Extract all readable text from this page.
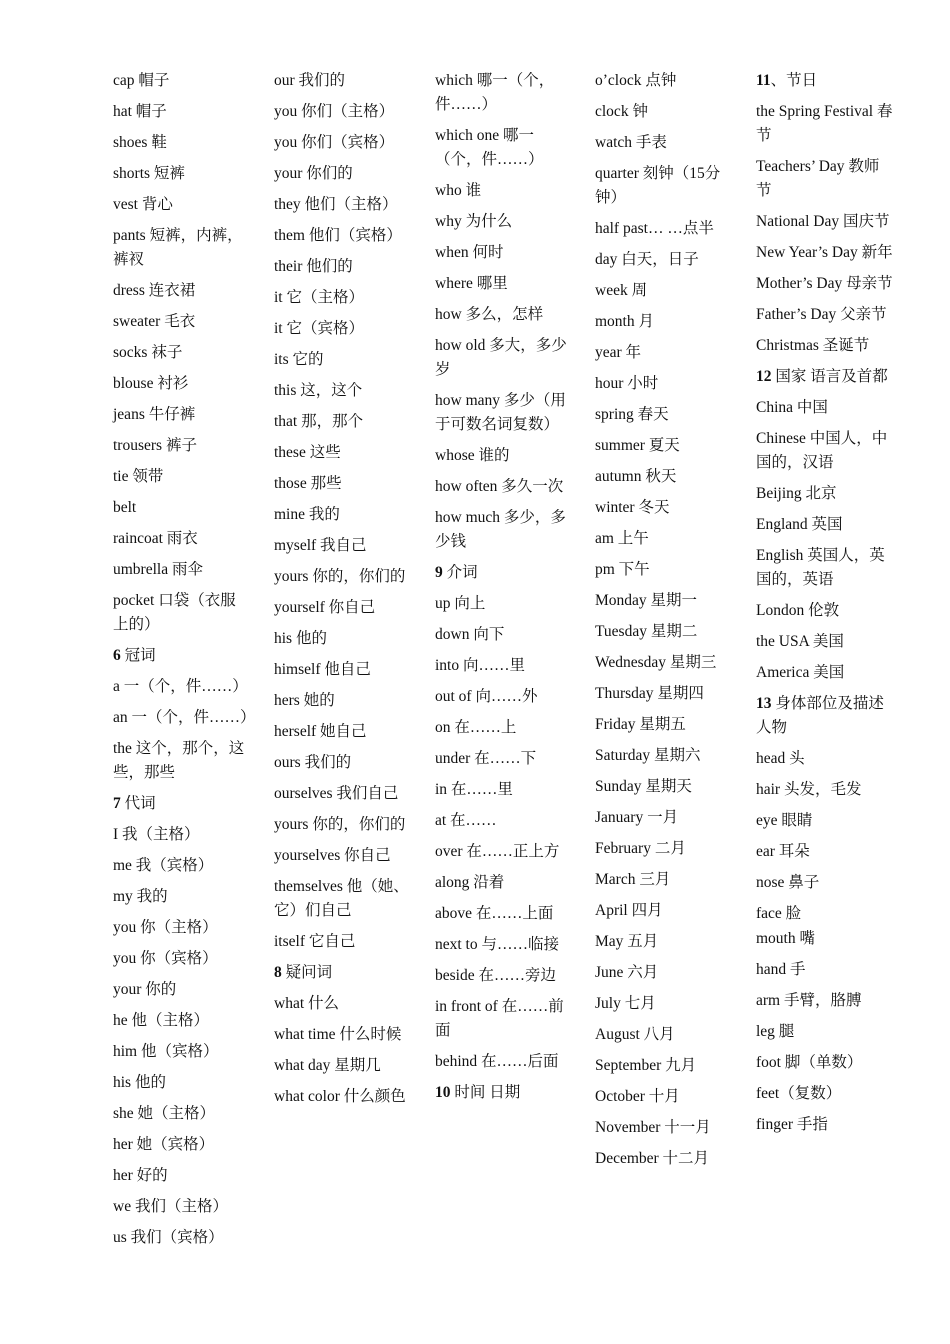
cap 帽子
hat 帽子
shoes 鞋
shorts 短裤
vest 背心
pants 短裤，内裤，裤衩
dress 连衣裙
sweater 毛衣
socks 袜子
blouse 衬衫
jeans 牛仔裤
trousers 裤子
tie 领带
belt
raincoat 雨衣
umbrella 雨伞
pocket 口袋（衣服上的）
6 冠词
a 一（个，件……）
an 一（个，件……）
the 这个，那个，这些，那些
7 代词
I 我（主格）
me 我（宾格）
my 我的
you 你（主格）
you 你（宾格）
your 你的
he 他（主格）
him 他（宾格）
his 他的
she 她（主格）
her 她（宾格）
her 好的
we 我们（主格）
us 我们（宾格）
our 我们的
you 你们（主格）
you 你们（宾格）
your 你们的
they 他们（主格）
them 他们（宾格）
their 他们的
it 它（主格）
it 它（宾格）
its 它的
this 这，这个
that 那，那个
these 这些
those 那些
mine 我的
myself 我自己
yours 你的，你们的
yourself 你自己
his 他的
himself 他自己
hers 她的
herself 她自己
ours 我们的
ourselves 我们自己
yours 你的，你们的
yourselves 你自己
themselves 他（她、它）们自己
itself 它自己
8 疑问词
what 什么
what time 什么时候
what day 星期几
what color 什么颜色
which 哪一（个，件……）
which one 哪一（个，件……）
who 谁
why 为什么
when 何时
where 哪里
how 多么，怎样
how old 多大，多少岁
how many 多少（用于可数名词复数）
whose 谁的
how often 多久一次
how much 多少，多少钱
9 介词
up 向上
down 向下
into 向……里
out of 向……外
on 在……上
under 在……下
in 在……里
at 在……
over 在……正上方
along 沿着
above 在……上面
next to 与……临接
beside 在……旁边
in front of 在……前面
behind 在……后面
10 时间 日期
o’clock 点钟
clock 钟
watch 手表
quarter 刻钟（15分钟）
half past… …点半
day 白天，日子
week 周
month 月
year 年
hour 小时
spring 春天
summer 夏天
autumn 秋天
winter 冬天
am 上午
pm 下午
Monday 星期一
Tuesday 星期二
Wednesday 星期三
Thursday 星期四
Friday 星期五
Saturday 星期六
Sunday 星期天
January 一月
February 二月
March 三月
April 四月
May 五月
June 六月
July 七月
August 八月
September 九月
October 十月
November 十一月
December 十二月
11、节日
the Spring Festival 春节
Teachers’ Day 教师节
National Day 国庆节
New Year’s Day 新年
Mother’s Day 母亲节
Father’s Day 父亲节
Christmas 圣诞节
12 国家 语言及首都
China 中国
Chinese 中国人，中国的，汉语
Beijing 北京
England 英国
English 英国人，英国的，英语
London 伦敦
the USA 美国
America 美国
13 身体部位及描述人物
head 头
hair 头发，毛发
eye 眼睛
ear 耳朵
nose 鼻子
face 脸
mouth 嘴
hand 手
arm 手臂，胳膊
leg 腿
foot 脚（单数）
feet（复数）
finger 手指
